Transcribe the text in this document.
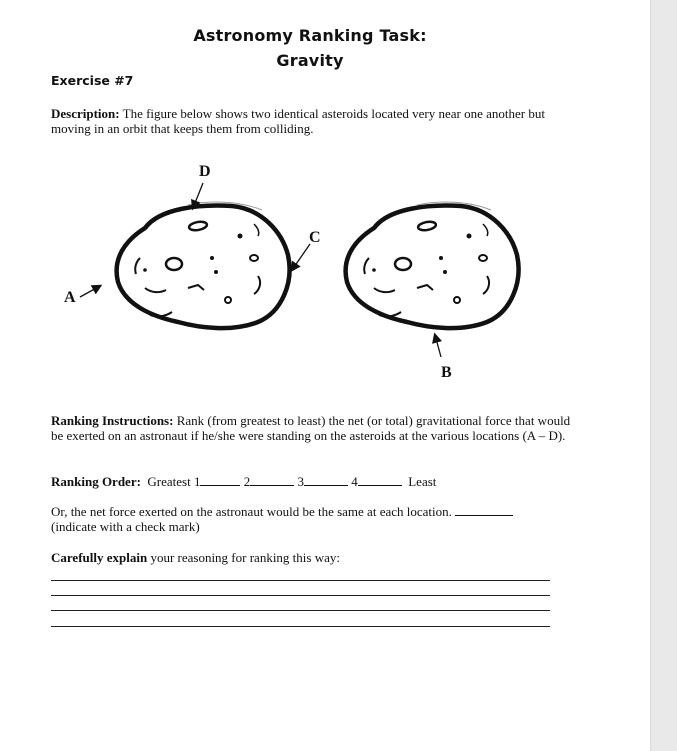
Astronomy Ranking Task:
Gravity
Exercise #7
Description: The figure below shows two identical asteroids located very near one another but moving in an orbit that keeps them from colliding.
D
A
C
B
Ranking Instructions: Rank (from greatest to least) the net (or total) gravitational force that would be exerted on an astronaut if he/she were standing on the asteroids at the various locations (A – D).
Ranking Order: Greatest 1	2	3	4	Least
Or, the net force exerted on the astronaut would be the same at each location.
(indicate with a check mark)
Carefully explain your reasoning for ranking this way:
